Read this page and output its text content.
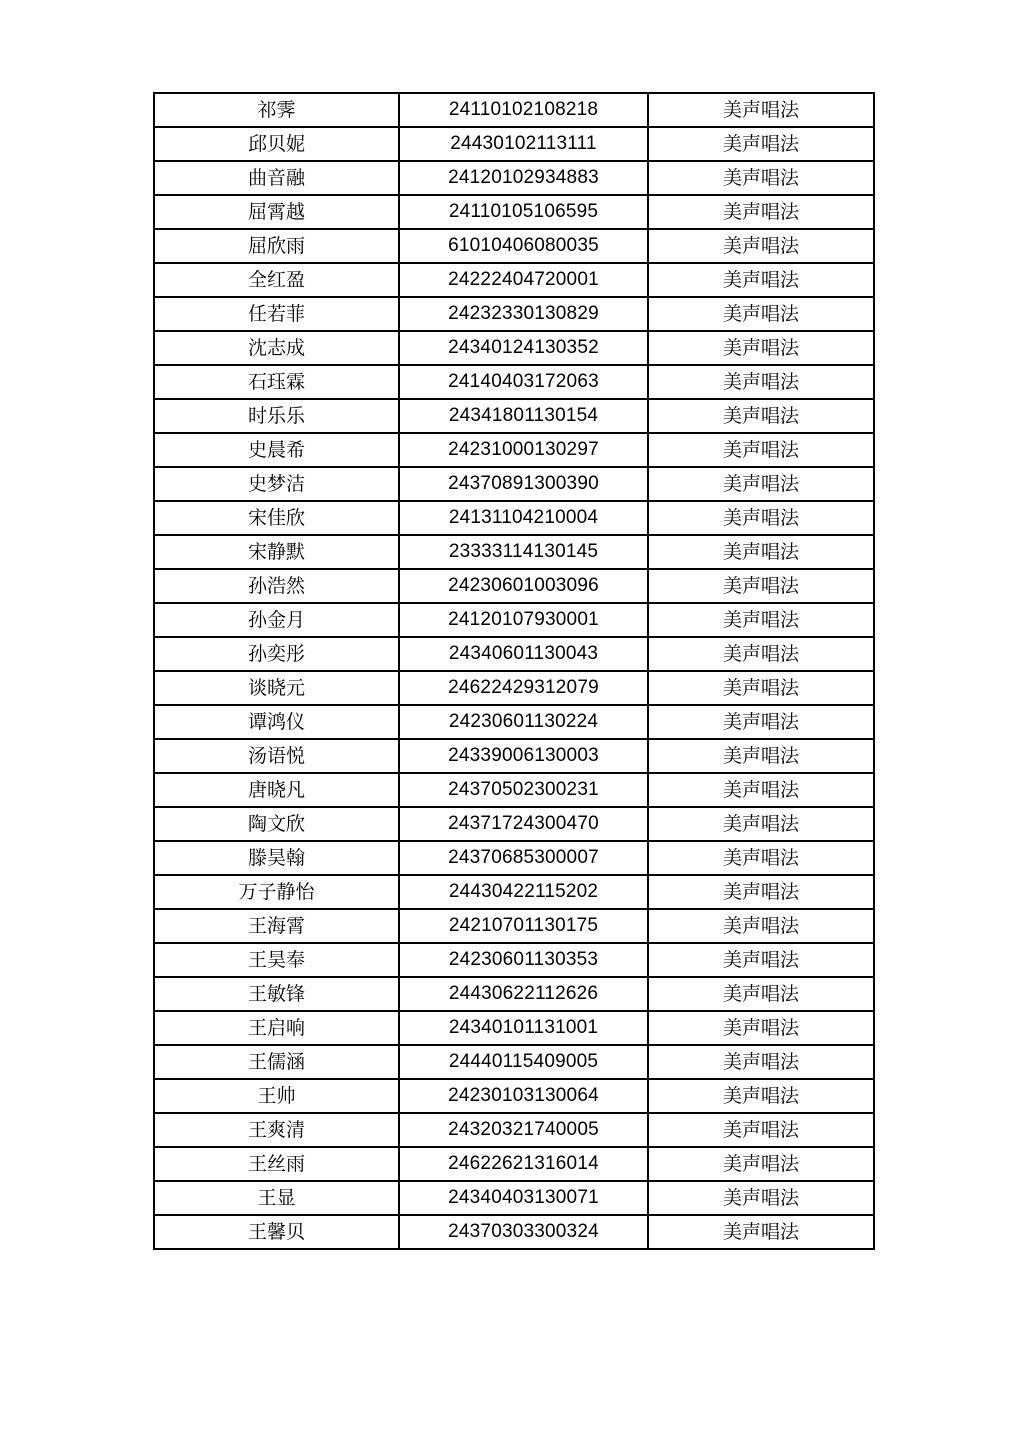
祁霁	24110102108218	美声唱法
邱贝妮	24430102113111	美声唱法
曲音融	24120102934883	美声唱法
屈霄越	24110105106595	美声唱法
屈欣雨	61010406080035	美声唱法
全红盈	24222404720001	美声唱法
任若菲	24232330130829	美声唱法
沈志成	24340124130352	美声唱法
石珏霖	24140403172063	美声唱法
时乐乐	24341801130154	美声唱法
史晨希	24231000130297	美声唱法
史梦洁	24370891300390	美声唱法
宋佳欣	24131104210004	美声唱法
宋静默	23333114130145	美声唱法
孙浩然	24230601003096	美声唱法
孙金月	24120107930001	美声唱法
孙奕彤	24340601130043	美声唱法
谈晓元	24622429312079	美声唱法
谭鸿仪	24230601130224	美声唱法
汤语悦	24339006130003	美声唱法
唐晓凡	24370502300231	美声唱法
陶文欣	24371724300470	美声唱法
滕昊翰	24370685300007	美声唱法
万子静怡	24430422115202	美声唱法
王海霄	24210701130175	美声唱法
王昊奉	24230601130353	美声唱法
王敏锋	24430622112626	美声唱法
王启响	24340101131001	美声唱法
王儒涵	24440115409005	美声唱法
王帅	24230103130064	美声唱法
王爽清	24320321740005	美声唱法
王丝雨	24622621316014	美声唱法
王显	24340403130071	美声唱法
王馨贝	24370303300324	美声唱法
